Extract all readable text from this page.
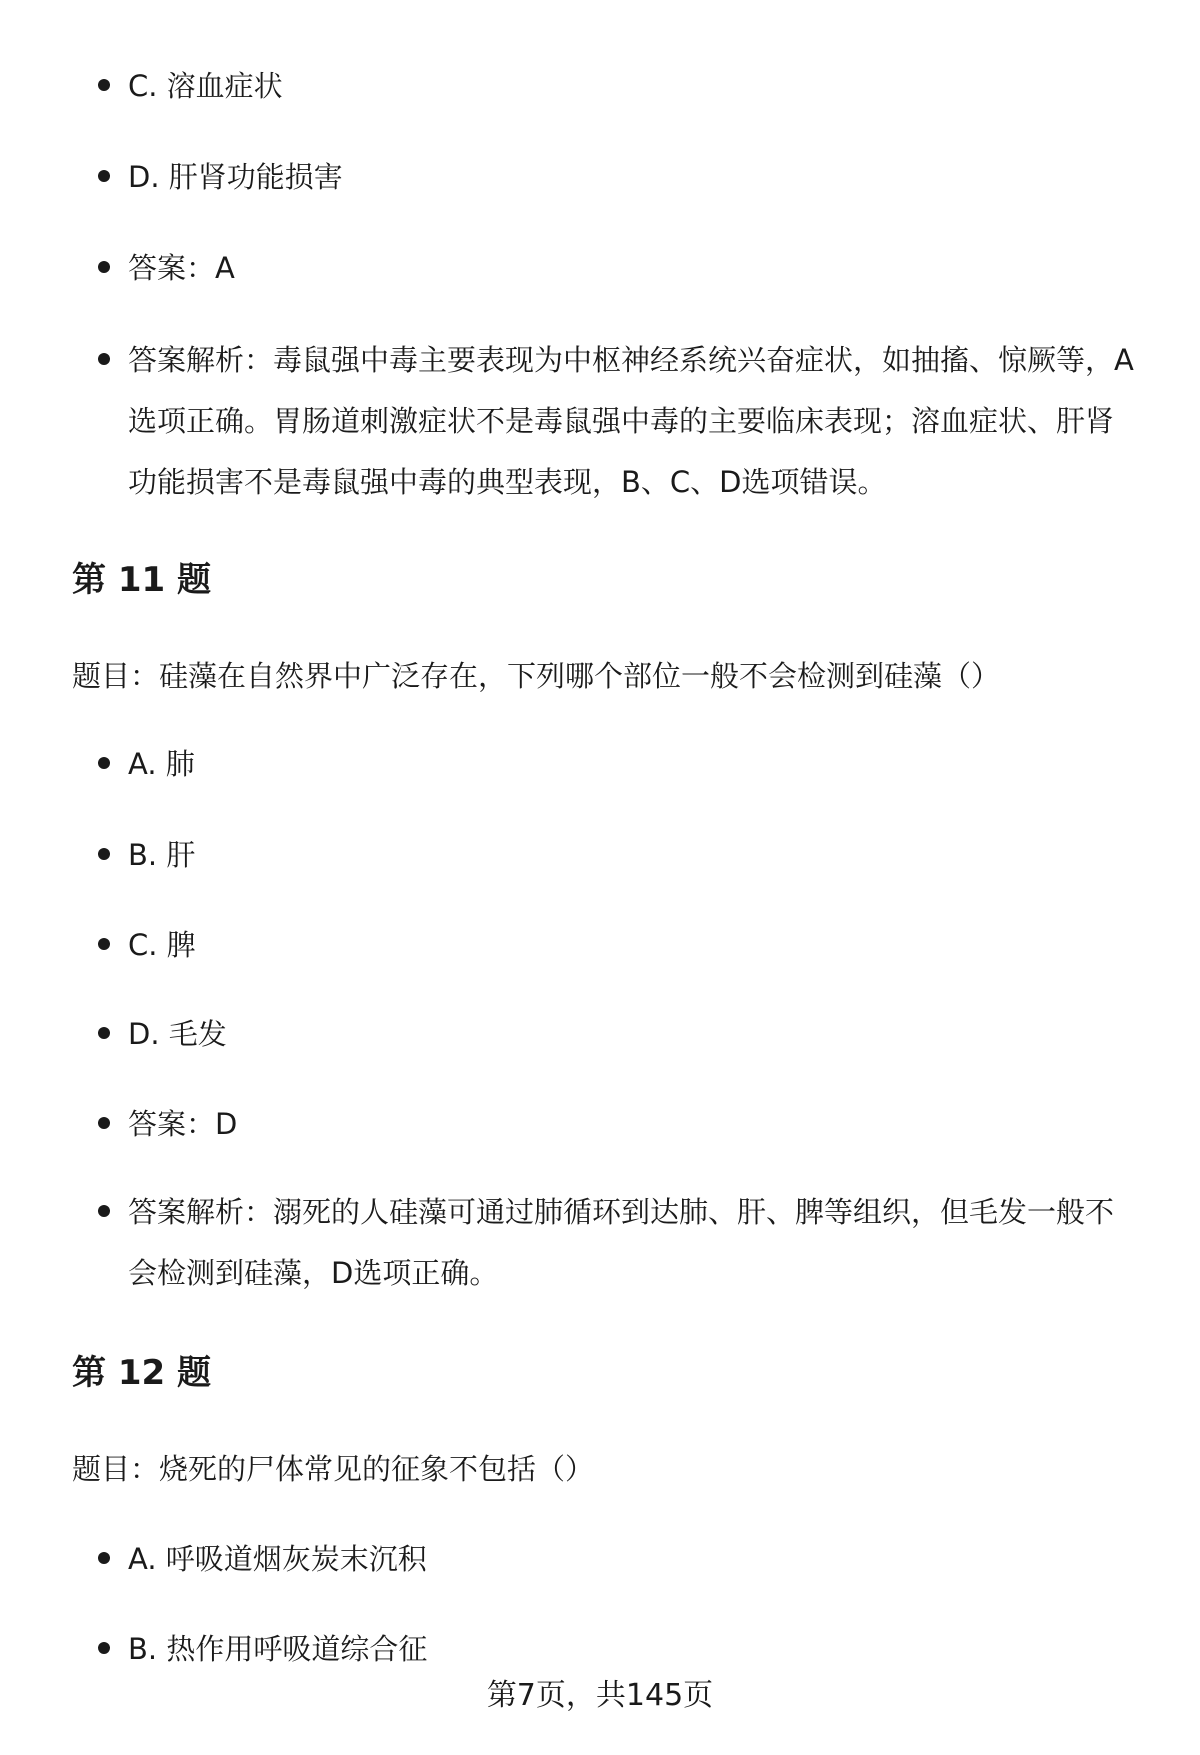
C. 溶血症状
D. 肝肾功能损害
答案：A
答案解析：毒鼠强中毒主要表现为中枢神经系统兴奋症状，如抽搐、惊厥等，A选项正确。胃肠道刺激症状不是毒鼠强中毒的主要临床表现；溶血症状、肝肾功能损害不是毒鼠强中毒的典型表现，B、C、D选项错误。
第 11 题
题目：硅藻在自然界中广泛存在，下列哪个部位一般不会检测到硅藻（）
A. 肺
B. 肝
C. 脾
D. 毛发
答案：D
答案解析：溺死的人硅藻可通过肺循环到达肺、肝、脾等组织，但毛发一般不会检测到硅藻，D选项正确。
第 12 题
题目：烧死的尸体常见的征象不包括（）
A. 呼吸道烟灰炭末沉积
B. 热作用呼吸道综合征
第7页，共145页
